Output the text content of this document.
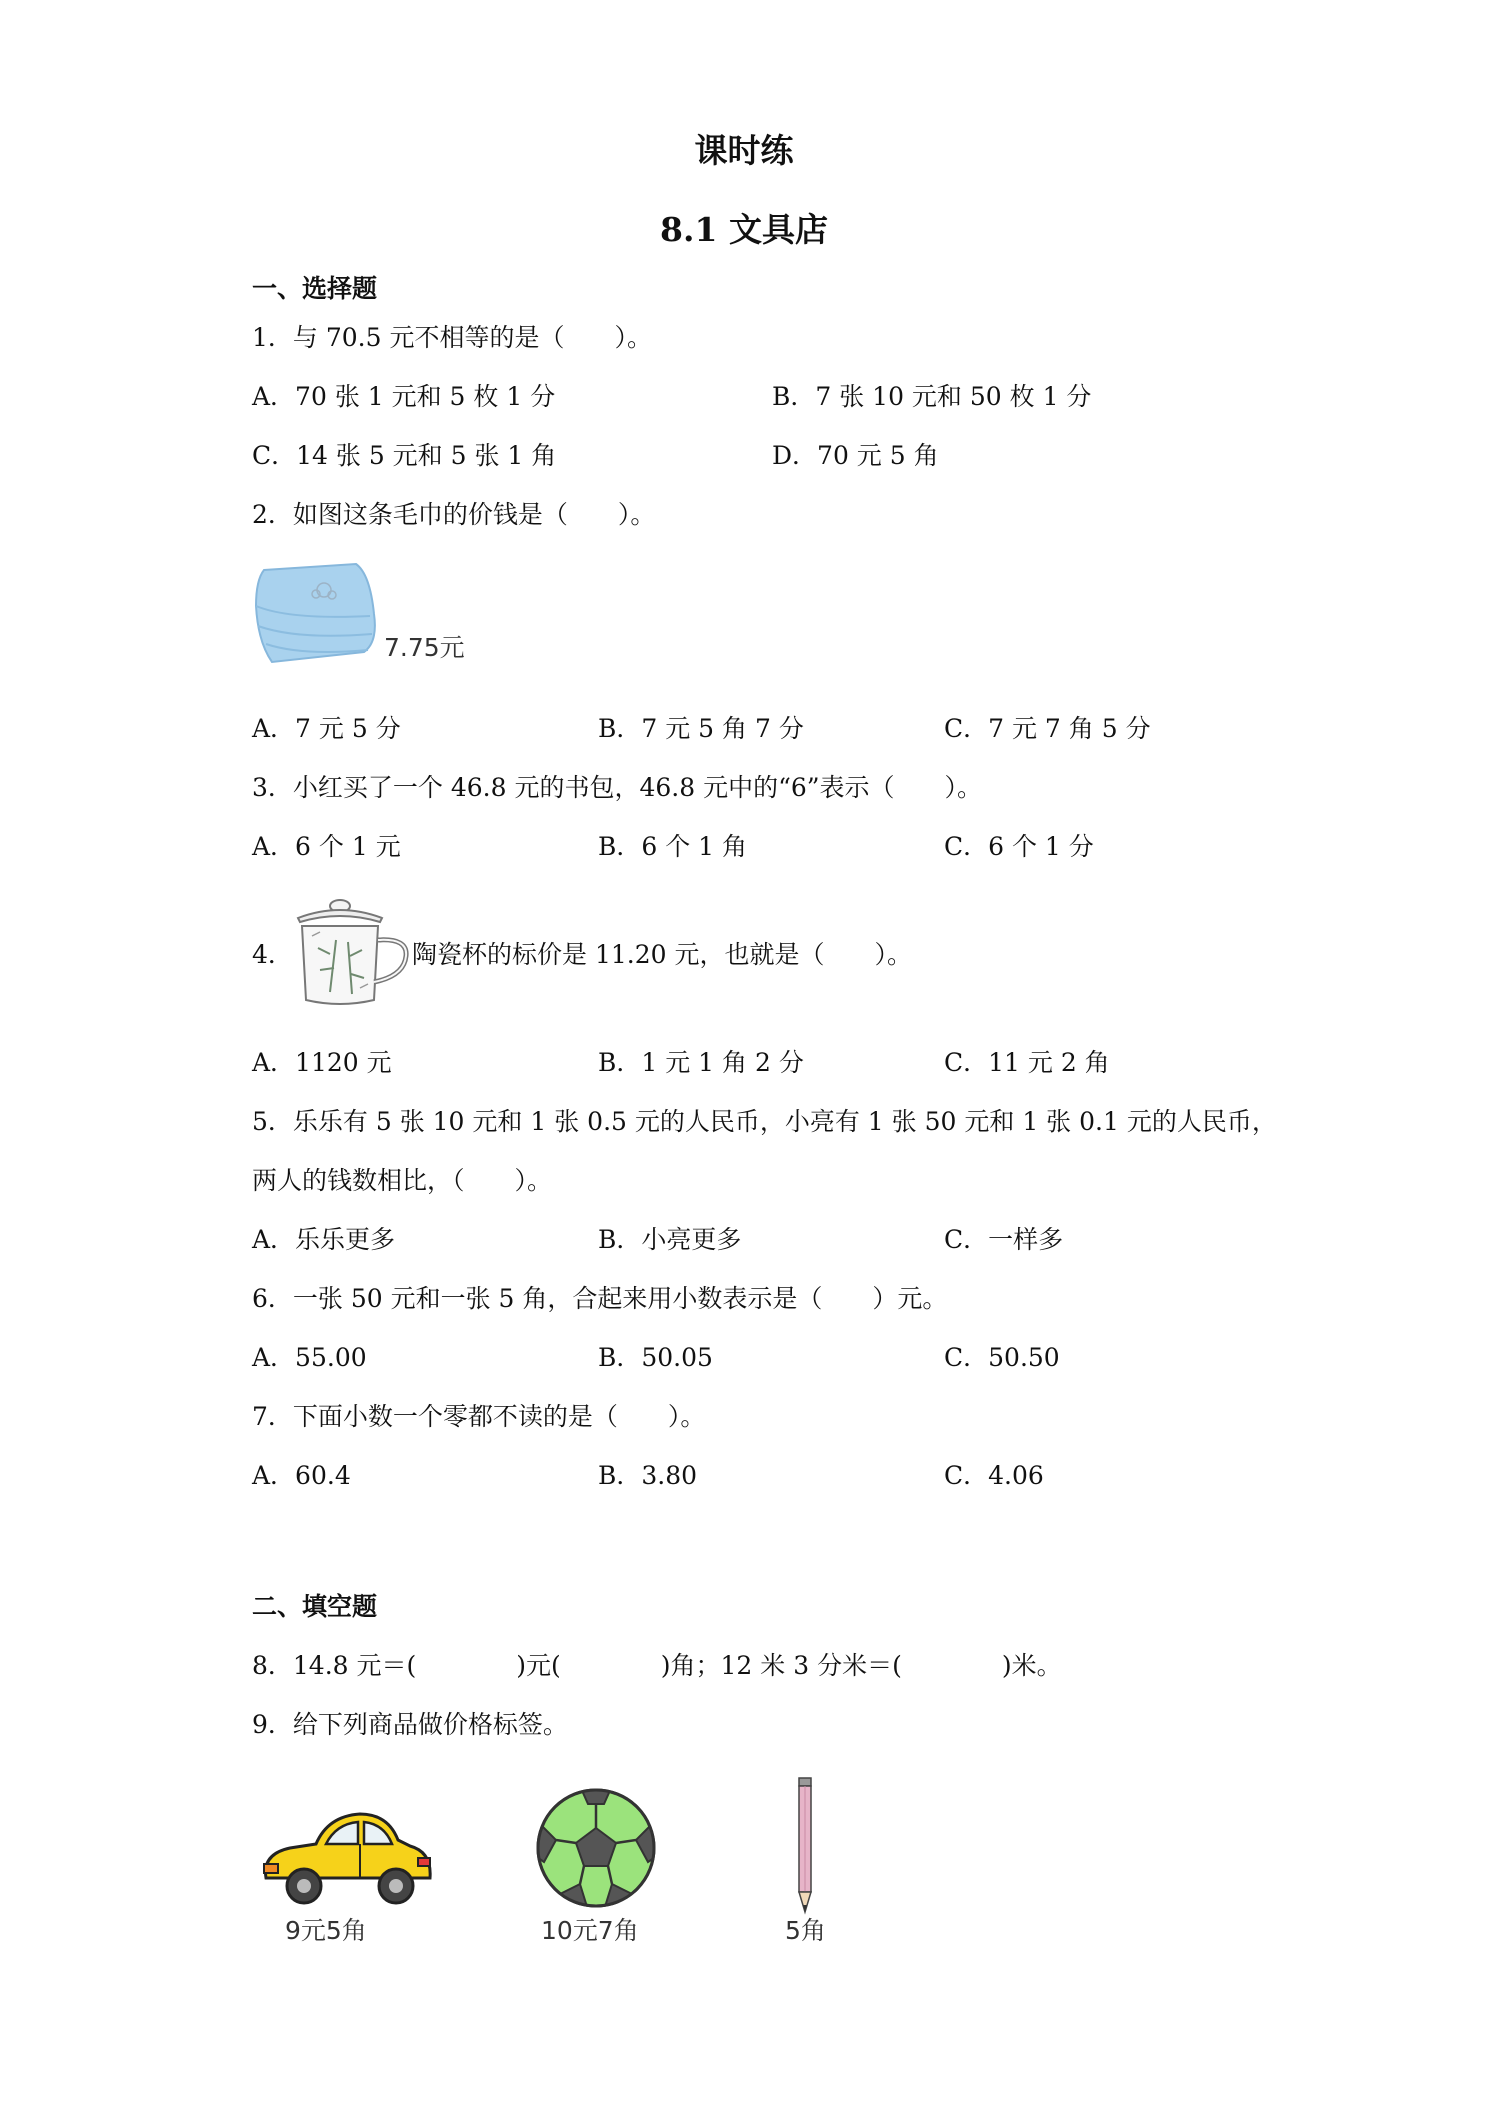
课时练
8.1 文具店
一、选择题
1．与 70.5 元不相等的是（　　）。
A．70 张 1 元和 5 枚 1 分	B．7 张 10 元和 50 枚 1 分
C．14 张 5 元和 5 张 1 角	D．70 元 5 角
2．如图这条毛巾的价钱是（　　）。
7.75元
A．7 元 5 分	B．7 元 5 角 7 分	C．7 元 7 角 5 分
3．小红买了一个 46.8 元的书包，46.8 元中的“6”表示（　　）。
A．6 个 1 元	B．6 个 1 角	C．6 个 1 分
4．	陶瓷杯的标价是 11.20 元，也就是（　　）。
A．1120 元	B．1 元 1 角 2 分	C．11 元 2 角
5．乐乐有 5 张 10 元和 1 张 0.5 元的人民币，小亮有 1 张 50 元和 1 张 0.1 元的人民币，
两人的钱数相比，（　　）。
A．乐乐更多	B．小亮更多	C．一样多
6．一张 50 元和一张 5 角，合起来用小数表示是（　　）元。
A．55.00	B．50.05	C．50.50
7．下面小数一个零都不读的是（　　）。
A．60.4	B．3.80	C．4.06
二、填空题
8．14.8 元＝(　　　　)元(　　　　)角；12 米 3 分米＝(　　　　)米。
9．给下列商品做价格标签。
9元5角	10元7角	5角
